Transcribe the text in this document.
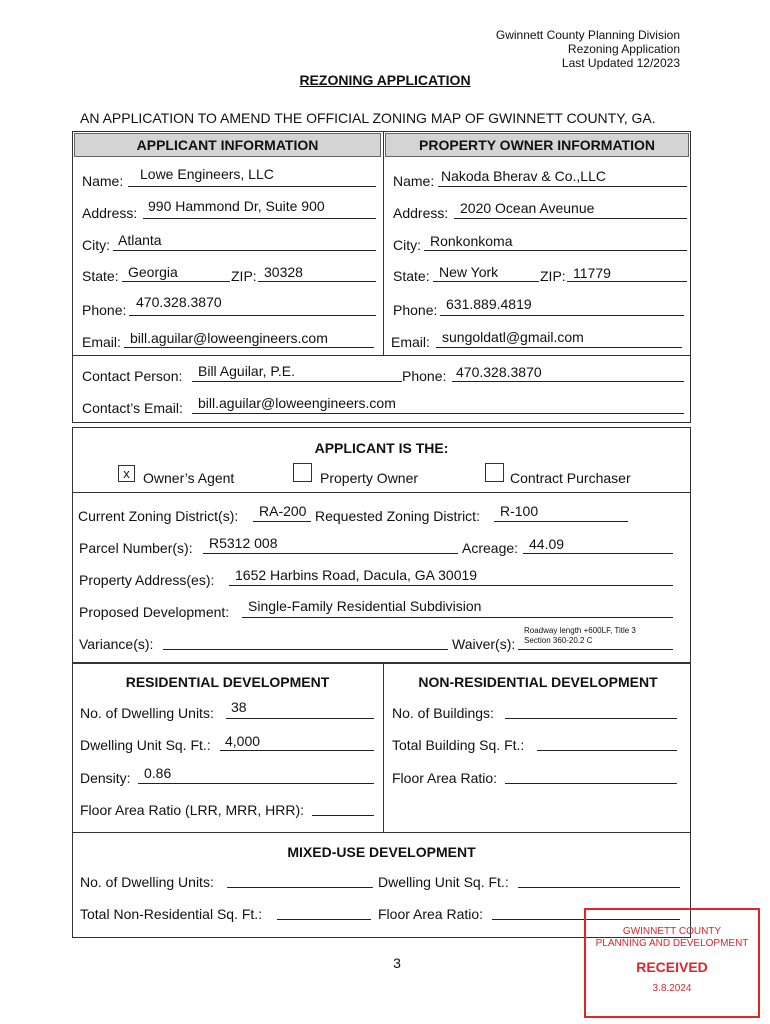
Gwinnett County Planning Division
Rezoning Application
Last Updated 12/2023
REZONING APPLICATION
AN APPLICATION TO AMEND THE OFFICIAL ZONING MAP OF GWINNETT COUNTY, GA.
APPLICANT INFORMATION	PROPERTY OWNER INFORMATION
Name: Lowe Engineers, LLC
Address: 990 Hammond Dr, Suite 900
City: Atlanta
State: Georgia	ZIP: 30328
Phone: 470.328.3870
Email: bill.aguilar@loweengineers.com
Name: Nakoda Bherav & Co.,LLC
Address: 2020 Ocean Aveunue
City: Ronkonkoma
State: New York	ZIP: 11779
Phone: 631.889.4819
Email: sungoldatl@gmail.com
Contact Person: Bill Aguilar, P.E.	Phone: 470.328.3870
Contact’s Email: bill.aguilar@loweengineers.com
APPLICANT IS THE:
x Owner’s Agent	Property Owner	Contract Purchaser
Current Zoning District(s): RA-200 Requested Zoning District: R-100
Parcel Number(s): R5312 008	Acreage: 44.09
Property Address(es): 1652 Harbins Road, Dacula, GA 30019
Proposed Development: Single-Family Residential Subdivision
Variance(s):	Waiver(s):
Roadway length +600LF, Title 3
Section 360-20.2 C
RESIDENTIAL DEVELOPMENT	NON-RESIDENTIAL DEVELOPMENT
No. of Dwelling Units: 38
Dwelling Unit Sq. Ft.: 4,000
Density: 0.86
Floor Area Ratio (LRR, MRR, HRR):
No. of Buildings:
Total Building Sq. Ft.:
Floor Area Ratio:
MIXED-USE DEVELOPMENT
No. of Dwelling Units:	Dwelling Unit Sq. Ft.:
Total Non-Residential Sq. Ft.:	Floor Area Ratio:
3
GWINNETT COUNTY
PLANNING AND DEVELOPMENT
RECEIVED
3.8.2024
